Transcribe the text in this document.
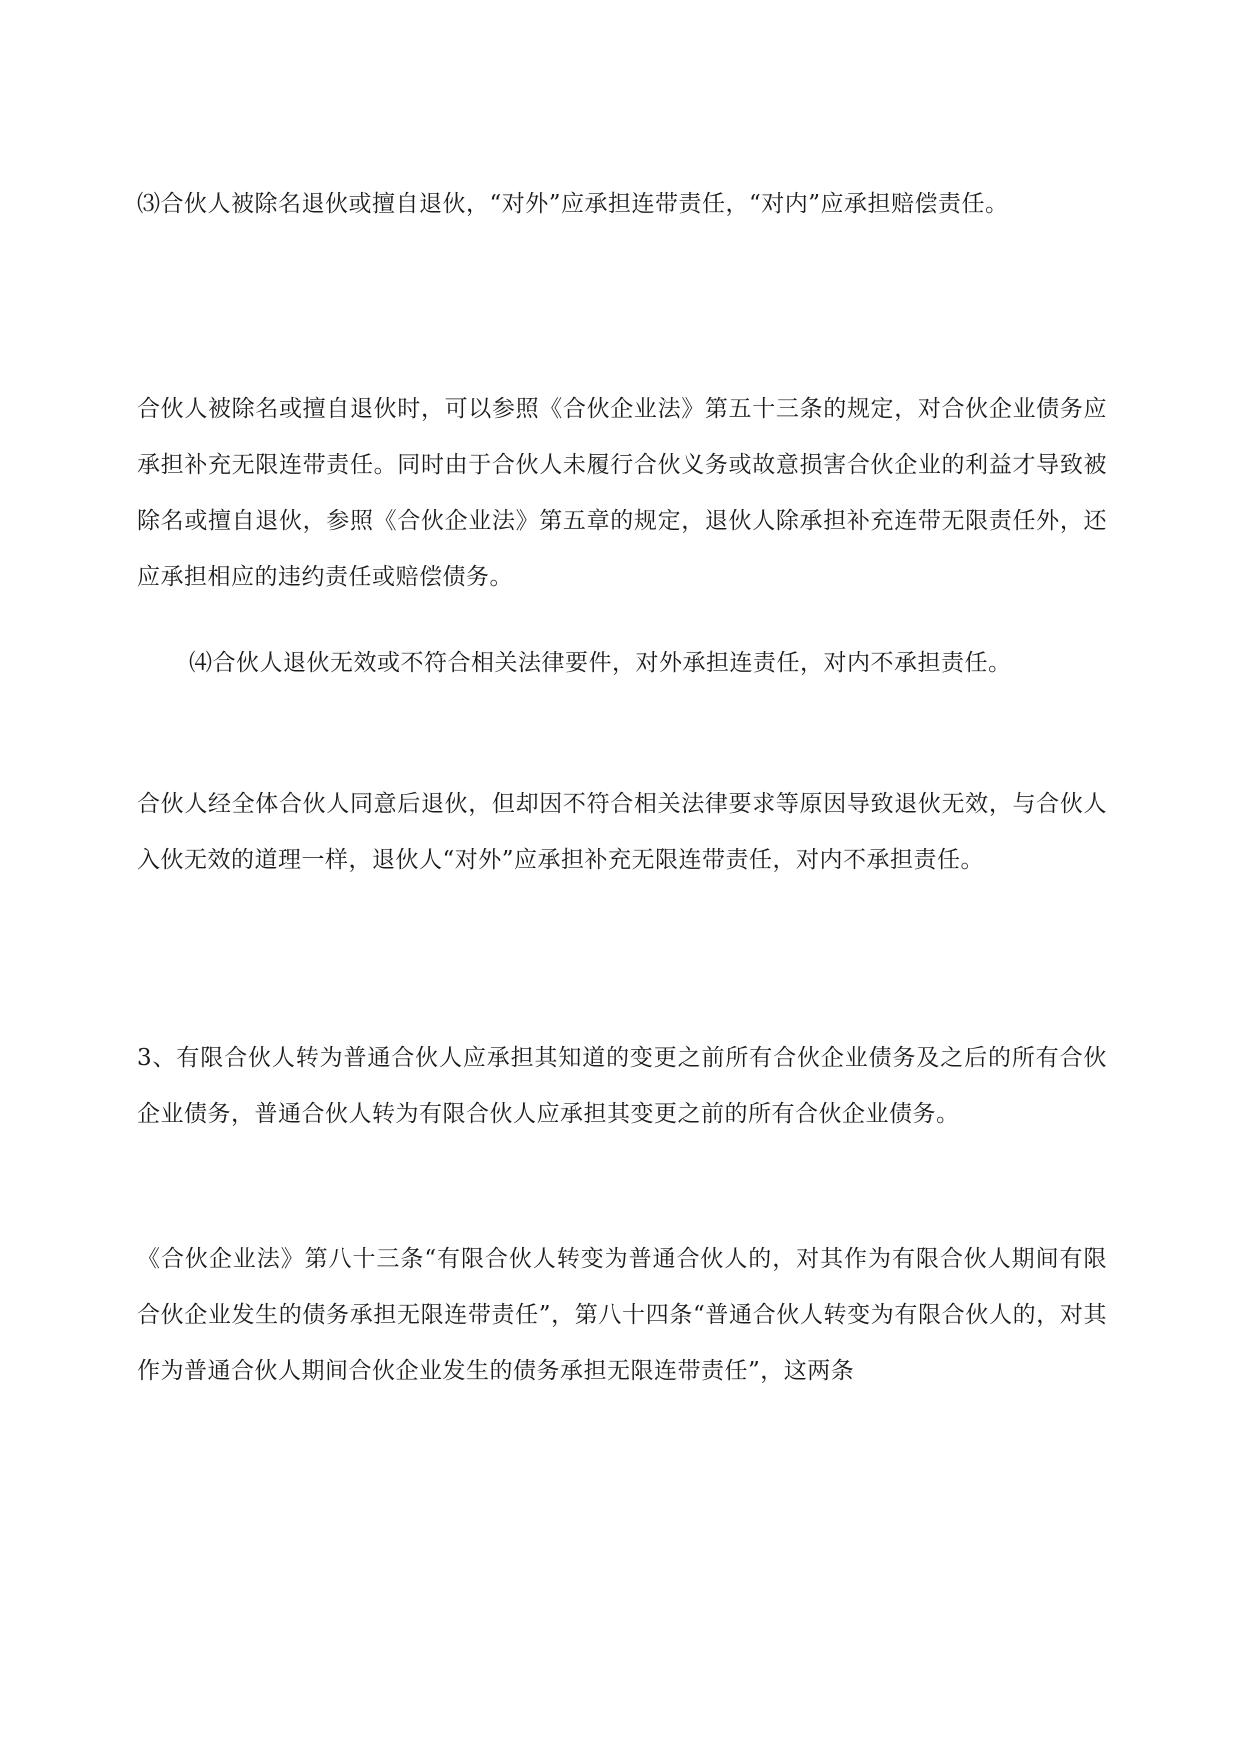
⑶合伙人被除名退伙或擅自退伙，“对外”应承担连带责任，“对内”应承担赔偿责任。

合伙人被除名或擅自退伙时，可以参照《合伙企业法》第五十三条的规定，对合伙企业债务应承担补充无限连带责任。同时由于合伙人未履行合伙义务或故意损害合伙企业的利益才导致被除名或擅自退伙，参照《合伙企业法》第五章的规定，退伙人除承担补充连带无限责任外，还应承担相应的违约责任或赔偿债务。

⑷合伙人退伙无效或不符合相关法律要件，对外承担连责任，对内不承担责任。

合伙人经全体合伙人同意后退伙，但却因不符合相关法律要求等原因导致退伙无效，与合伙人入伙无效的道理一样，退伙人“对外”应承担补充无限连带责任，对内不承担责任。

3、有限合伙人转为普通合伙人应承担其知道的变更之前所有合伙企业债务及之后的所有合伙企业债务，普通合伙人转为有限合伙人应承担其变更之前的所有合伙企业债务。

《合伙企业法》第八十三条“有限合伙人转变为普通合伙人的，对其作为有限合伙人期间有限合伙企业发生的债务承担无限连带责任”，第八十四条“普通合伙人转变为有限合伙人的，对其作为普通合伙人期间合伙企业发生的债务承担无限连带责任”，这两条
